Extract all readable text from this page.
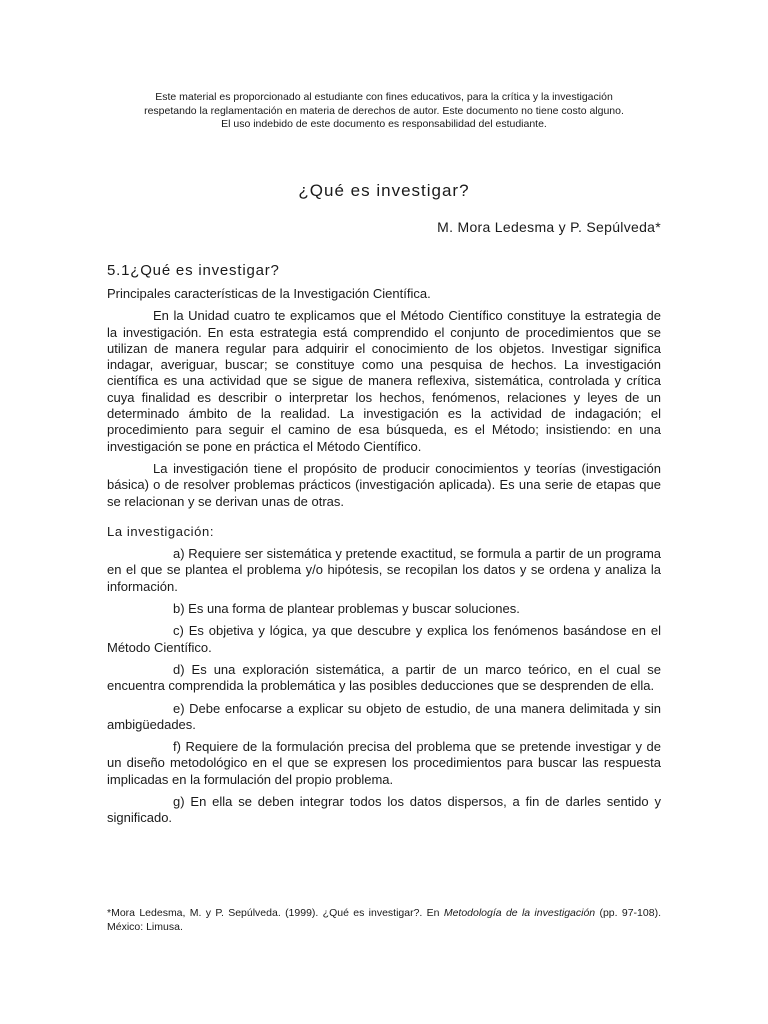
Este material es proporcionado al estudiante con fines educativos, para la crítica y la investigación
respetando la reglamentación en materia de derechos de autor. Este documento no tiene costo alguno.
El uso indebido de este documento es responsabilidad del estudiante.
¿Qué es investigar?
M. Mora Ledesma y P. Sepúlveda*
5.1¿Qué es investigar?

Principales características de la Investigación Científica.

En la Unidad cuatro te explicamos que el Método Científico constituye la estrategia de la investigación. En esta estrategia está comprendido el conjunto de procedimientos que se utilizan de manera regular para adquirir el conocimiento de los objetos. Investigar significa indagar, averiguar, buscar; se constituye como una pesquisa de hechos. La investigación científica es una actividad que se sigue de manera reflexiva, sistemática, controlada y crítica cuya finalidad es describir o interpretar los hechos, fenómenos, relaciones y leyes de un determinado ámbito de la realidad. La investigación es la actividad de indagación; el procedimiento para seguir el camino de esa búsqueda, es el Método; insistiendo: en una investigación se pone en práctica el Método Científico.

La investigación tiene el propósito de producir conocimientos y teorías (investigación básica) o de resolver problemas prácticos (investigación aplicada). Es una serie de etapas que se relacionan y se derivan unas de otras.

La investigación:

a) Requiere ser sistemática y pretende exactitud, se formula a partir de un programa en el que se plantea el problema y/o hipótesis, se recopilan los datos y se ordena y analiza la información.

b) Es una forma de plantear problemas y buscar soluciones.

c) Es objetiva y lógica, ya que descubre y explica los fenómenos basándose en el Método Científico.

d) Es una exploración sistemática, a partir de un marco teórico, en el cual se encuentra comprendida la problemática y las posibles deducciones que se desprenden de ella.

e) Debe enfocarse a explicar su objeto de estudio, de una manera delimitada y sin ambigüedades.

f) Requiere de la formulación precisa del problema que se pretende investigar y de un diseño metodológico en el que se expresen los procedimientos para buscar las respuesta implicadas en la formulación del propio problema.

g) En ella se deben integrar todos los datos dispersos, a fin de darles sentido y significado.

*Mora Ledesma, M. y P. Sepúlveda. (1999). ¿Qué es investigar?. En Metodología de la investigación (pp. 97-108). México: Limusa.
